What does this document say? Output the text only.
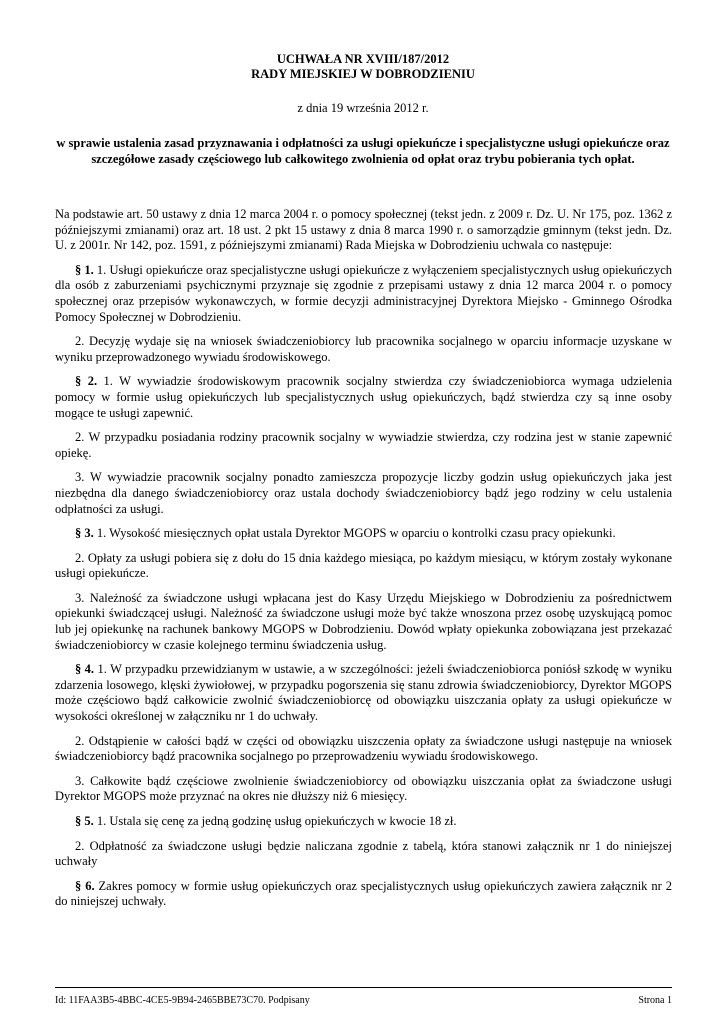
UCHWAŁA NR XVIII/187/2012

RADY MIEJSKIEJ W DOBRODZIENIU

z dnia 19 września 2012 r.

w sprawie ustalenia zasad przyznawania i odpłatności za usługi opiekuńcze i specjalistyczne usługi opiekuńcze oraz szczegółowe zasady częściowego lub całkowitego zwolnienia od opłat oraz trybu pobierania tych opłat.

Na podstawie art. 50 ustawy z dnia 12 marca 2004 r. o pomocy społecznej (tekst jedn. z 2009 r. Dz. U. Nr 175, poz. 1362 z późniejszymi zmianami) oraz art. 18 ust. 2 pkt 15 ustawy z dnia 8 marca 1990 r. o samorządzie gminnym (tekst jedn. Dz. U. z 2001r. Nr 142, poz. 1591, z późniejszymi zmianami) Rada Miejska w Dobrodzieniu uchwala co następuje:

§ 1. 1. Usługi opiekuńcze oraz specjalistyczne usługi opiekuńcze z wyłączeniem specjalistycznych usług opiekuńczych dla osób z zaburzeniami psychicznymi przyznaje się zgodnie z przepisami ustawy z dnia 12 marca 2004 r. o pomocy społecznej oraz przepisów wykonawczych, w formie decyzji administracyjnej Dyrektora Miejsko - Gminnego Ośrodka Pomocy Społecznej w Dobrodzieniu.

2. Decyzję wydaje się na wniosek świadczeniobiorcy lub pracownika socjalnego w oparciu informacje uzyskane w wyniku przeprowadzonego wywiadu środowiskowego.

§ 2. 1. W wywiadzie środowiskowym pracownik socjalny stwierdza czy świadczeniobiorca wymaga udzielenia pomocy w formie usług opiekuńczych lub specjalistycznych usług opiekuńczych, bądź stwierdza czy są inne osoby mogące te usługi zapewnić.

2. W przypadku posiadania rodziny pracownik socjalny w wywiadzie stwierdza, czy rodzina jest w stanie zapewnić opiekę.

3. W wywiadzie pracownik socjalny ponadto zamieszcza propozycje liczby godzin usług opiekuńczych jaka jest niezbędna dla danego świadczeniobiorcy oraz ustala dochody świadczeniobiorcy bądź jego rodziny w celu ustalenia odpłatności za usługi.

§ 3. 1. Wysokość miesięcznych opłat ustala Dyrektor MGOPS w oparciu o kontrolki czasu pracy opiekunki.

2. Opłaty za usługi pobiera się z dołu do 15 dnia każdego miesiąca, po każdym miesiącu, w którym zostały wykonane usługi opiekuńcze.

3. Należność za świadczone usługi wpłacana jest do Kasy Urzędu Miejskiego w Dobrodzieniu za pośrednictwem opiekunki świadczącej usługi. Należność za świadczone usługi może być także wnoszona przez osobę uzyskującą pomoc lub jej opiekunkę na rachunek bankowy MGOPS w Dobrodzieniu. Dowód wpłaty opiekunka zobowiązana jest przekazać świadczeniobiorcy w czasie kolejnego terminu świadczenia usług.

§ 4. 1. W przypadku przewidzianym w ustawie, a w szczególności: jeżeli świadczeniobiorca poniósł szkodę w wyniku zdarzenia losowego, klęski żywiołowej, w przypadku pogorszenia się stanu zdrowia świadczeniobiorcy, Dyrektor MGOPS może częściowo bądź całkowicie zwolnić świadczeniobiorcę od obowiązku uiszczania opłaty za usługi opiekuńcze w wysokości określonej w załączniku nr 1 do uchwały.

2. Odstąpienie w całości bądź w części od obowiązku uiszczenia opłaty za świadczone usługi następuje na wniosek świadczeniobiorcy bądź pracownika socjalnego po przeprowadzeniu wywiadu środowiskowego.

3. Całkowite bądź częściowe zwolnienie świadczeniobiorcy od obowiązku uiszczania opłat za świadczone usługi Dyrektor MGOPS może przyznać na okres nie dłuższy niż 6 miesięcy.

§ 5. 1. Ustala się cenę za jedną godzinę usług opiekuńczych w kwocie 18 zł.

2. Odpłatność za świadczone usługi będzie naliczana zgodnie z tabelą, która stanowi załącznik nr 1 do niniejszej uchwały

§ 6. Zakres pomocy w formie usług opiekuńczych oraz specjalistycznych usług opiekuńczych zawiera załącznik nr 2 do niniejszej uchwały.

Id: 11FAA3B5-4BBC-4CE5-9B94-2465BBE73C70. Podpisany	Strona 1
